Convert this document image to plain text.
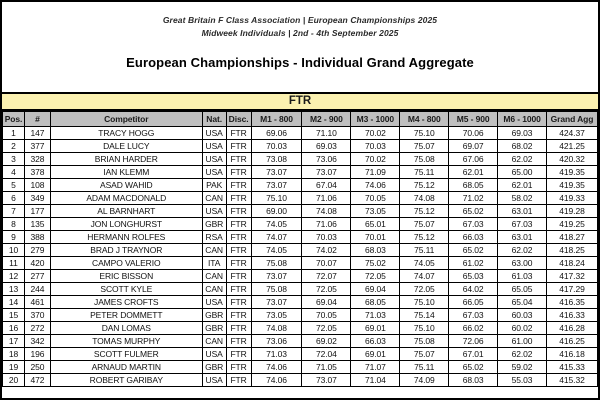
Great Britain F Class Association | European Championships 2025
Midweek Individuals | 2nd - 4th September 2025
European Championships - Individual Grand Aggregate
FTR
Pos.	#	Competitor	Nat.	Disc.	M1 - 800	M2 - 900	M3 - 1000	M4 - 800	M5 - 900	M6 - 1000	Grand Agg
1	147	TRACY HOGG	USA	FTR	69.06	71.10	70.02	75.10	70.06	69.03	424.37
2	377	DALE LUCY	USA	FTR	70.03	69.03	70.03	75.07	69.07	68.02	421.25
3	328	BRIAN HARDER	USA	FTR	73.08	73.06	70.02	75.08	67.06	62.02	420.32
4	378	IAN KLEMM	USA	FTR	73.07	73.07	71.09	75.11	62.01	65.00	419.35
5	108	ASAD WAHID	PAK	FTR	73.07	67.04	74.06	75.12	68.05	62.01	419.35
6	349	ADAM MACDONALD	CAN	FTR	75.10	71.06	70.05	74.08	71.02	58.02	419.33
7	177	AL BARNHART	USA	FTR	69.00	74.08	73.05	75.12	65.02	63.01	419.28
8	135	JON LONGHURST	GBR	FTR	74.05	71.06	65.01	75.07	67.03	67.03	419.25
9	388	HERMANN ROLFES	RSA	FTR	74.07	70.03	70.01	75.12	66.03	63.01	418.27
10	279	BRAD J TRAYNOR	CAN	FTR	74.05	74.02	68.03	75.11	65.02	62.02	418.25
11	420	CAMPO VALERIO	ITA	FTR	75.08	70.07	75.02	74.05	61.02	63.00	418.24
12	277	ERIC BISSON	CAN	FTR	73.07	72.07	72.05	74.07	65.03	61.03	417.32
13	244	SCOTT KYLE	CAN	FTR	75.08	72.05	69.04	72.05	64.02	65.05	417.29
14	461	JAMES CROFTS	USA	FTR	73.07	69.04	68.05	75.10	66.05	65.04	416.35
15	370	PETER DOMMETT	GBR	FTR	73.05	70.05	71.03	75.14	67.03	60.03	416.33
16	272	DAN LOMAS	GBR	FTR	74.08	72.05	69.01	75.10	66.02	60.02	416.28
17	342	TOMAS MURPHY	CAN	FTR	73.06	69.02	66.03	75.08	72.06	61.00	416.25
18	196	SCOTT FULMER	USA	FTR	71.03	72.04	69.01	75.07	67.01	62.02	416.18
19	250	ARNAUD MARTIN	GBR	FTR	74.06	71.05	71.07	75.11	65.02	59.02	415.33
20	472	ROBERT GARIBAY	USA	FTR	74.06	73.07	71.04	74.09	68.03	55.03	415.32
